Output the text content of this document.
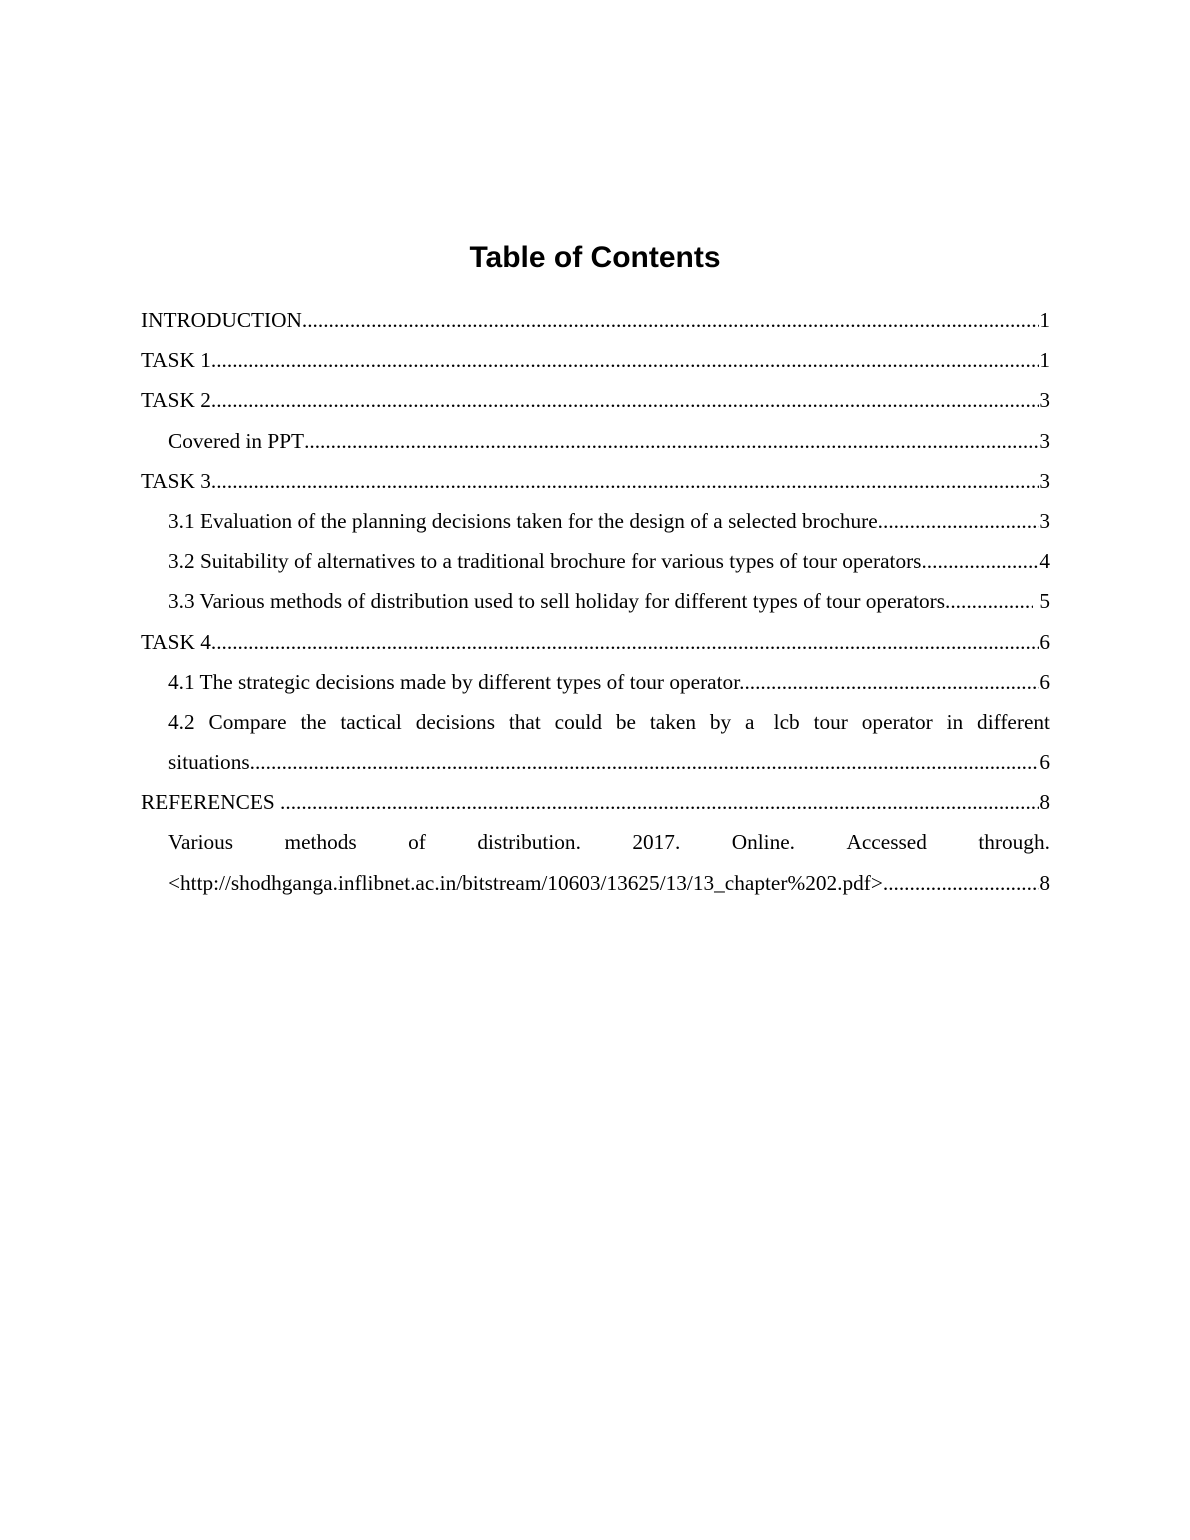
Table of Contents
INTRODUCTION .....	1
TASK 1 .....	1
TASK 2 .....	3
Covered in PPT .....	3
TASK 3 .....	3
3.1 Evaluation of the planning decisions taken for the design of a selected brochure .....	3
3.2 Suitability of alternatives to a traditional brochure for various types of tour operators. .....	4
3.3 Various methods of distribution used to sell holiday for different types of tour operators .....	5
TASK 4 .....	6
4.1 The strategic decisions made by different types of tour operator. .....	6
4.2 Compare the tactical decisions that could be taken by a lcb tour operator in different
situations .....	6
REFERENCES .....	8
Various methods of distribution. 2017. Online. Accessed through.
<http://shodhganga.inflibnet.ac.in/bitstream/10603/13625/13/13_chapter%202.pdf> .....	8
